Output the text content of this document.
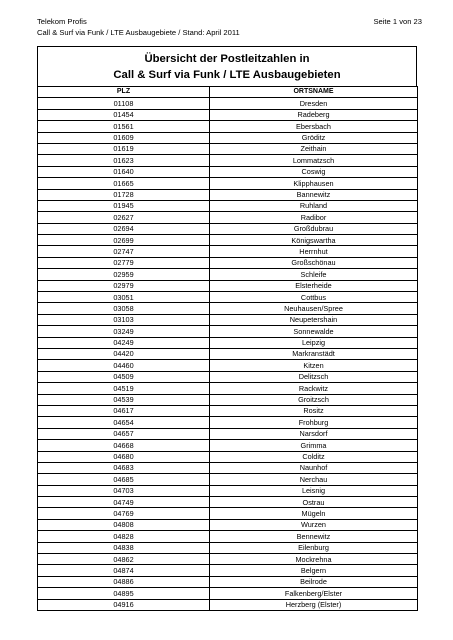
Telekom Profis
Call & Surf via Funk / LTE Ausbaugebiete / Stand: April 2011
Seite 1 von 23
Übersicht der Postleitzahlen in
Call & Surf via Funk / LTE Ausbaugebieten
PLZ	ORTSNAME
01108	Dresden
01454	Radeberg
01561	Ebersbach
01609	Gröditz
01619	Zeithain
01623	Lommatzsch
01640	Coswig
01665	Klipphausen
01728	Bannewitz
01945	Ruhland
02627	Radibor
02694	Großdubrau
02699	Königswartha
02747	Herrnhut
02779	Großschönau
02959	Schleife
02979	Elsterheide
03051	Cottbus
03058	Neuhausen/Spree
03103	Neupetershain
03249	Sonnewalde
04249	Leipzig
04420	Markranstädt
04460	Kitzen
04509	Delitzsch
04519	Rackwitz
04539	Groitzsch
04617	Rositz
04654	Frohburg
04657	Narsdorf
04668	Grimma
04680	Colditz
04683	Naunhof
04685	Nerchau
04703	Leisnig
04749	Ostrau
04769	Mügeln
04808	Wurzen
04828	Bennewitz
04838	Eilenburg
04862	Mockrehna
04874	Belgern
04886	Beilrode
04895	Falkenberg/Elster
04916	Herzberg (Elster)
